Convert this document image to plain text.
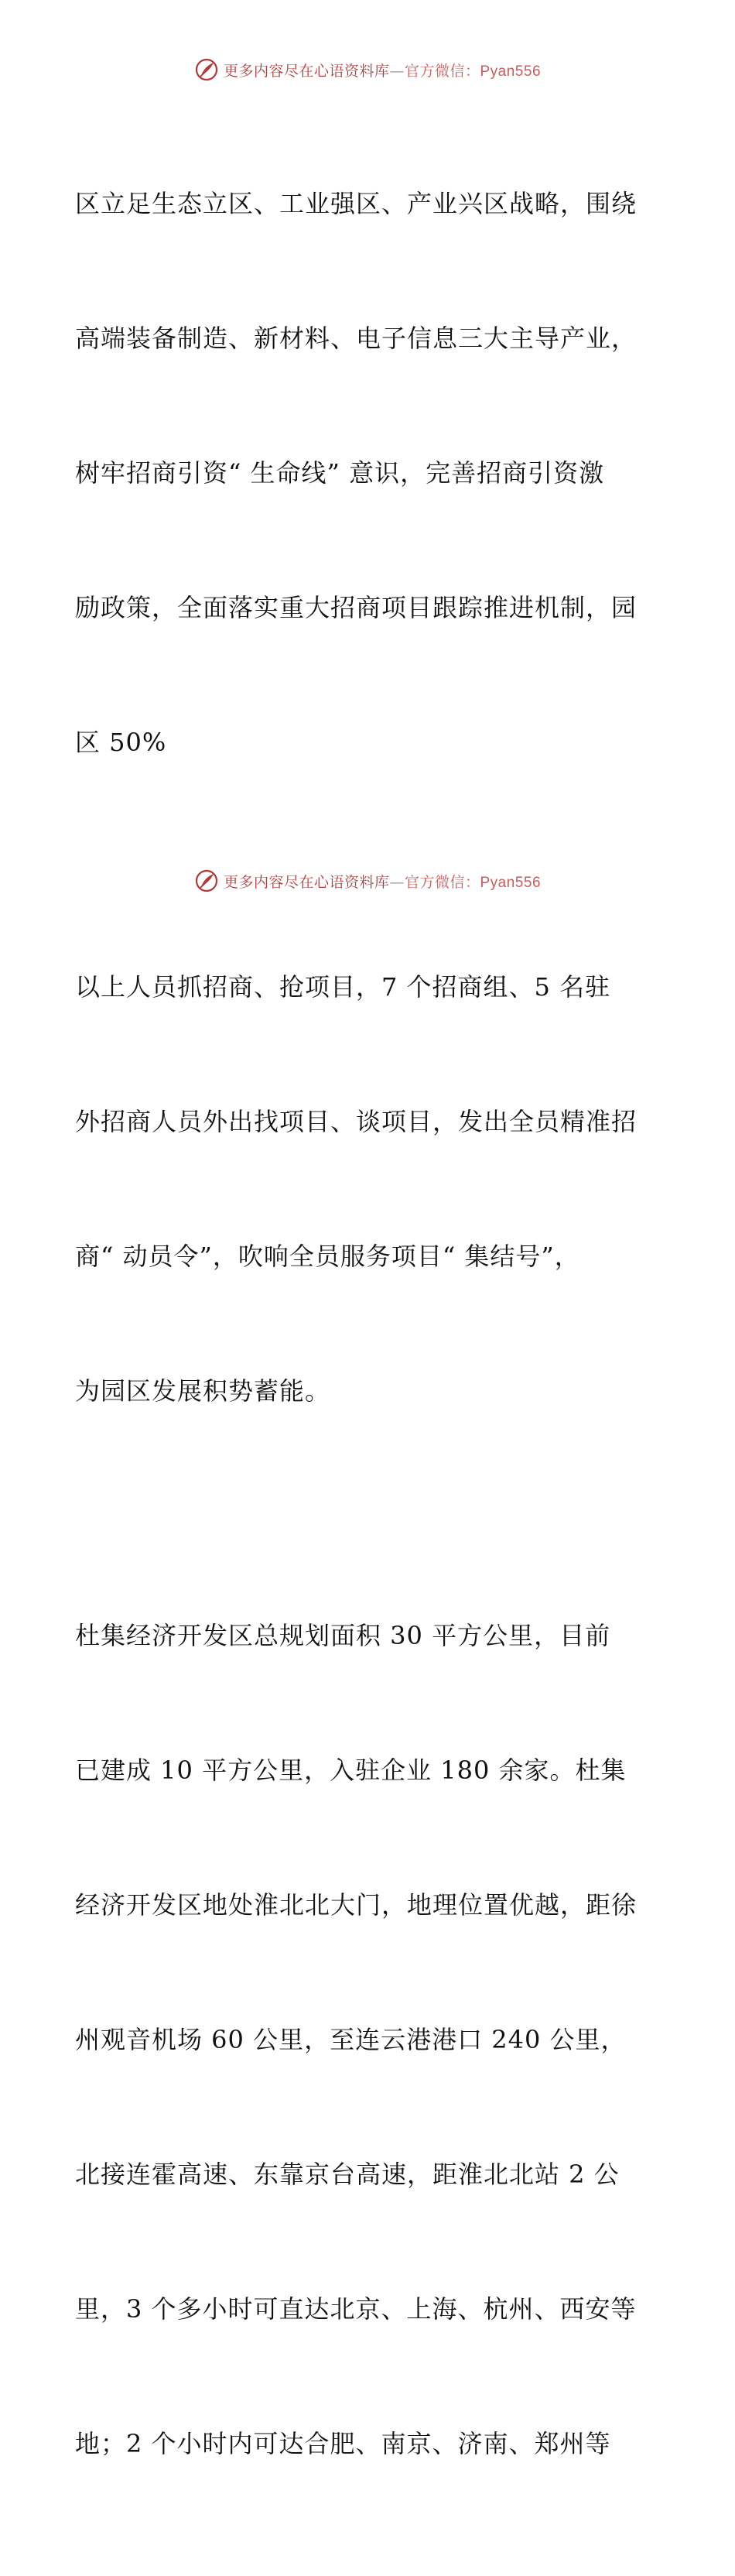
更多内容尽在心语资料库—官方微信：Pyan556

区立足生态立区、工业强区、产业兴区战略，围绕

高端装备制造、新材料、电子信息三大主导产业，

树牢招商引资“ 生命线” 意识，完善招商引资激

励政策，全面落实重大招商项目跟踪推进机制，园

区 50%

以上人员抓招商、抢项目，7 个招商组、5 名驻

外招商人员外出找项目、谈项目，发出全员精准招

商“ 动员令”，吹响全员服务项目“ 集结号”，

为园区发展积势蓄能。

杜集经济开发区总规划面积 30 平方公里，目前

已建成 10 平方公里，入驻企业 180 余家。杜集

经济开发区地处淮北北大门，地理位置优越，距徐

州观音机场 60 公里，至连云港港口 240 公里，

北接连霍高速、东靠京台高速，距淮北北站 2 公

里，3 个多小时可直达北京、上海、杭州、西安等

地；2 个小时内可达合肥、南京、济南、郑州等

更多内容尽在心语资料库—官方微信：Pyan556
